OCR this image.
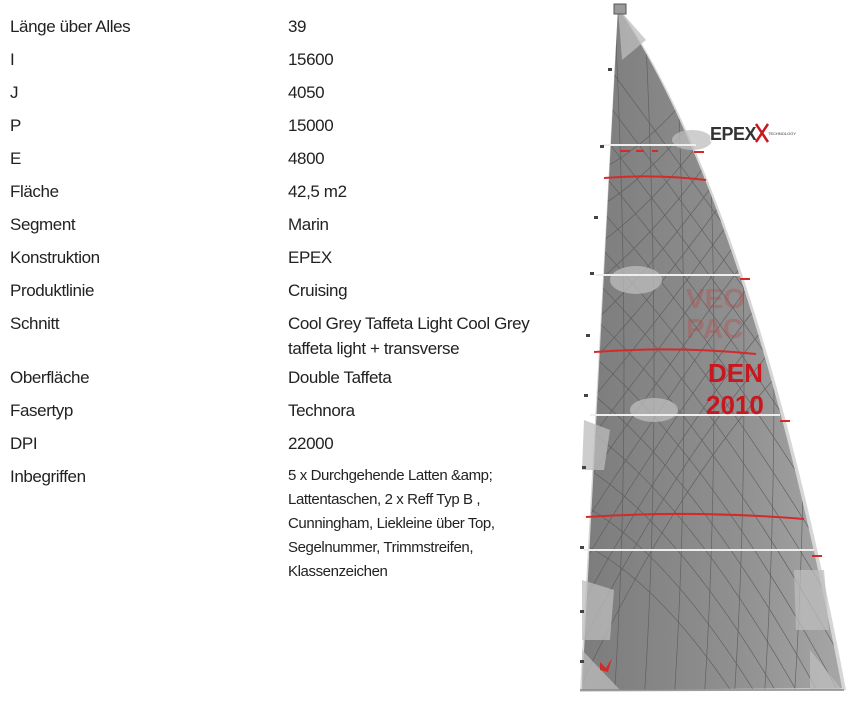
Länge über Alles	39
I	15600
J	4050
P	15000
E	4800
Fläche	42,5 m2
Segment	Marin
Konstruktion	EPEX
Produktlinie	Cruising
Schnitt	Cool Grey Taffeta Light Cool Grey taffeta light + transverse
Oberfläche	Double Taffeta
Fasertyp	Technora
DPI	22000
Inbegriffen	5 x Durchgehende Latten &amp; Lattentaschen, 2 x Reff Typ B , Cunningham, Liekleine über Top, Segelnummer, Trimmstreifen, Klassenzeichen
VEO
PAC
DEN
2010
EPEX	TECHNOLOGY
